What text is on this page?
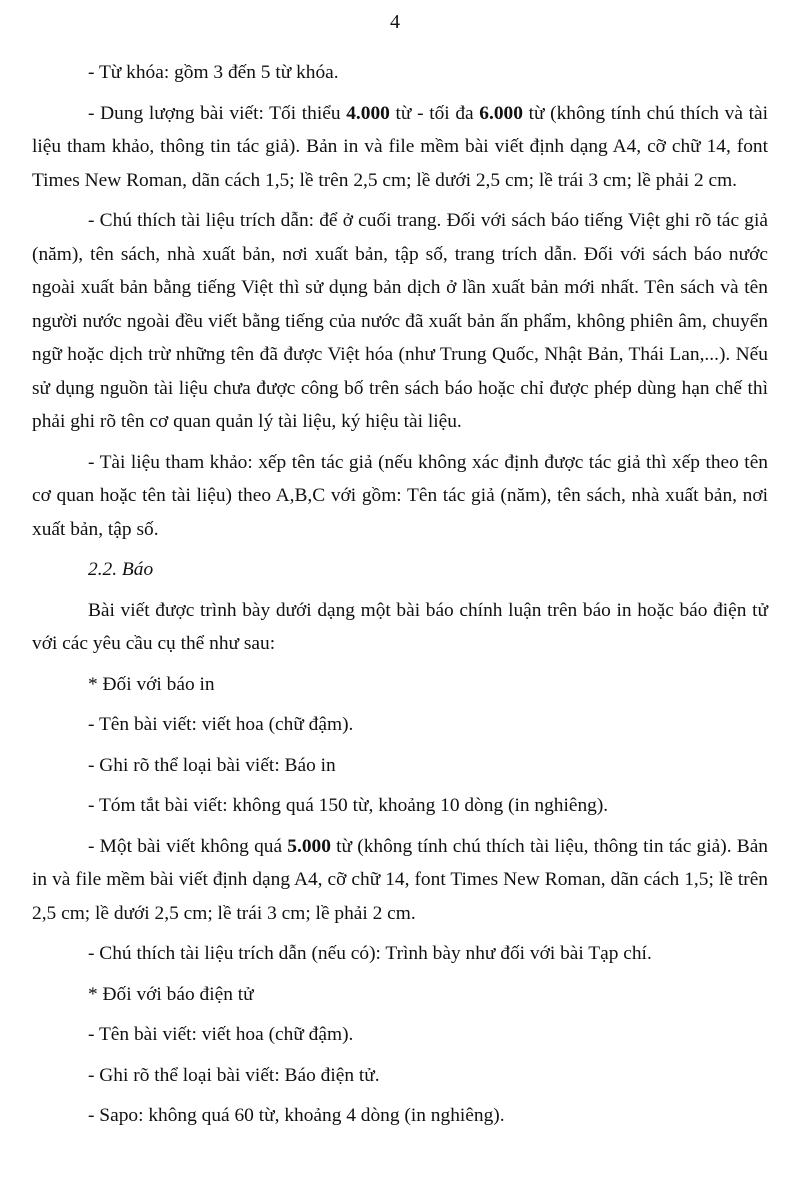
4

- Từ khóa: gồm 3 đến 5 từ khóa.

- Dung lượng bài viết: Tối thiểu 4.000 từ - tối đa 6.000 từ (không tính chú thích và tài liệu tham khảo, thông tin tác giả). Bản in và file mềm bài viết định dạng A4, cỡ chữ 14, font Times New Roman, dãn cách 1,5; lề trên 2,5 cm; lề dưới 2,5 cm; lề trái 3 cm; lề phải 2 cm.

- Chú thích tài liệu trích dẫn: để ở cuối trang. Đối với sách báo tiếng Việt ghi rõ tác giả (năm), tên sách, nhà xuất bản, nơi xuất bản, tập số, trang trích dẫn. Đối với sách báo nước ngoài xuất bản bằng tiếng Việt thì sử dụng bản dịch ở lần xuất bản mới nhất. Tên sách và tên người nước ngoài đều viết bằng tiếng của nước đã xuất bản ấn phẩm, không phiên âm, chuyển ngữ hoặc dịch trừ những tên đã được Việt hóa (như Trung Quốc, Nhật Bản, Thái Lan,...). Nếu sử dụng nguồn tài liệu chưa được công bố trên sách báo hoặc chỉ được phép dùng hạn chế thì phải ghi rõ tên cơ quan quản lý tài liệu, ký hiệu tài liệu.

- Tài liệu tham khảo: xếp tên tác giả (nếu không xác định được tác giả thì xếp theo tên cơ quan hoặc tên tài liệu) theo A,B,C với gồm: Tên tác giả (năm), tên sách, nhà xuất bản, nơi xuất bản, tập số.

2.2. Báo

Bài viết được trình bày dưới dạng một bài báo chính luận trên báo in hoặc báo điện tử với các yêu cầu cụ thể như sau:

* Đối với báo in

- Tên bài viết: viết hoa (chữ đậm).

- Ghi rõ thể loại bài viết: Báo in

- Tóm tắt bài viết: không quá 150 từ, khoảng 10 dòng (in nghiêng).

- Một bài viết không quá 5.000 từ (không tính chú thích tài liệu, thông tin tác giả). Bản in và file mềm bài viết định dạng A4, cỡ chữ 14, font Times New Roman, dãn cách 1,5; lề trên 2,5 cm; lề dưới 2,5 cm; lề trái 3 cm; lề phải 2 cm.

- Chú thích tài liệu trích dẫn (nếu có): Trình bày như đối với bài Tạp chí.

* Đối với báo điện tử

- Tên bài viết: viết hoa (chữ đậm).

- Ghi rõ thể loại bài viết: Báo điện tử.

- Sapo: không quá 60 từ, khoảng 4 dòng (in nghiêng).
